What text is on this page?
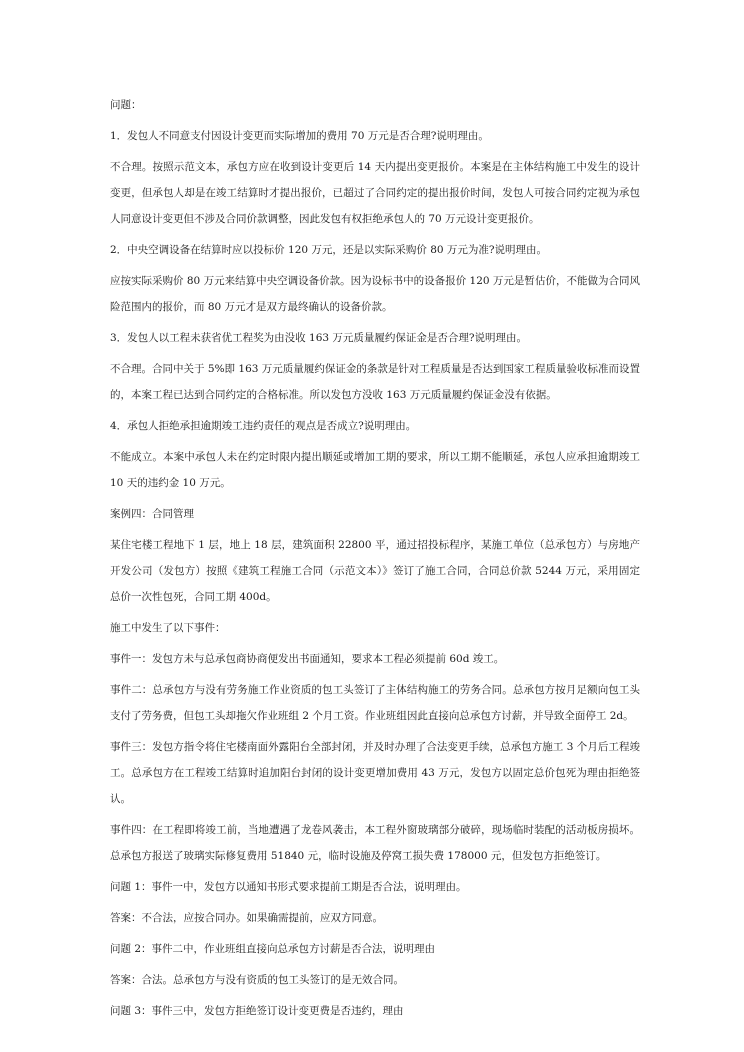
问题：

1．发包人不同意支付因设计变更而实际增加的费用 70 万元是否合理?说明理由。

不合理。按照示范文本，承包方应在收到设计变更后 14 天内提出变更报价。本案是在主体结构施工中发生的设计变更，但承包人却是在竣工结算时才提出报价，已超过了合同约定的提出报价时间，发包人可按合同约定视为承包人同意设计变更但不涉及合同价款调整，因此发包有权拒绝承包人的 70 万元设计变更报价。

2．中央空调设备在结算时应以投标价 120 万元，还是以实际采购价 80 万元为准?说明理由。

应按实际采购价 80 万元来结算中央空调设备价款。因为设标书中的设备报价 120 万元是暂估价，不能做为合同风险范围内的报价，而 80 万元才是双方最终确认的设备价款。

3．发包人以工程未获省优工程奖为由没收 163 万元质量履约保证金是否合理?说明理由。

不合理。合同中关于 5%即 163 万元质量履约保证金的条款是针对工程质量是否达到国家工程质量验收标准而设置的，本案工程已达到合同约定的合格标准。所以发包方没收 163 万元质量履约保证金没有依据。

4．承包人拒绝承担逾期竣工违约责任的观点是否成立?说明理由。

不能成立。本案中承包人未在约定时限内提出顺延或增加工期的要求，所以工期不能顺延，承包人应承担逾期竣工 10 天的违约金 10 万元。

案例四：合同管理

某住宅楼工程地下 1 层，地上 18 层，建筑面积 22800 平，通过招投标程序，某施工单位（总承包方）与房地产开发公司（发包方）按照《建筑工程施工合同（示范文本）》签订了施工合同，合同总价款 5244 万元，采用固定总价一次性包死，合同工期 400d。

施工中发生了以下事件：

事件一：发包方未与总承包商协商便发出书面通知，要求本工程必须提前 60d 竣工。

事件二：总承包方与没有劳务施工作业资质的包工头签订了主体结构施工的劳务合同。总承包方按月足额向包工头支付了劳务费，但包工头却拖欠作业班组 2 个月工资。作业班组因此直接向总承包方讨薪，并导致全面停工 2d。

事件三：发包方指令将住宅楼南面外露阳台全部封闭，并及时办理了合法变更手续，总承包方施工 3 个月后工程竣工。总承包方在工程竣工结算时追加阳台封闭的设计变更增加费用 43 万元，发包方以固定总价包死为理由拒绝签认。

事件四：在工程即将竣工前，当地遭遇了龙卷风袭击，本工程外窗玻璃部分破碎，现场临时装配的活动板房损坏。总承包方报送了玻璃实际修复费用 51840 元，临时设施及停窝工损失费 178000 元，但发包方拒绝签订。

问题 1：事件一中，发包方以通知书形式要求提前工期是否合法，说明理由。

答案：不合法，应按合同办。如果确需提前，应双方同意。

问题 2：事件二中，作业班组直接向总承包方讨薪是否合法，说明理由

答案：合法。总承包方与没有资质的包工头签订的是无效合同。

问题 3：事件三中，发包方拒绝签订设计变更费是否违约，理由
